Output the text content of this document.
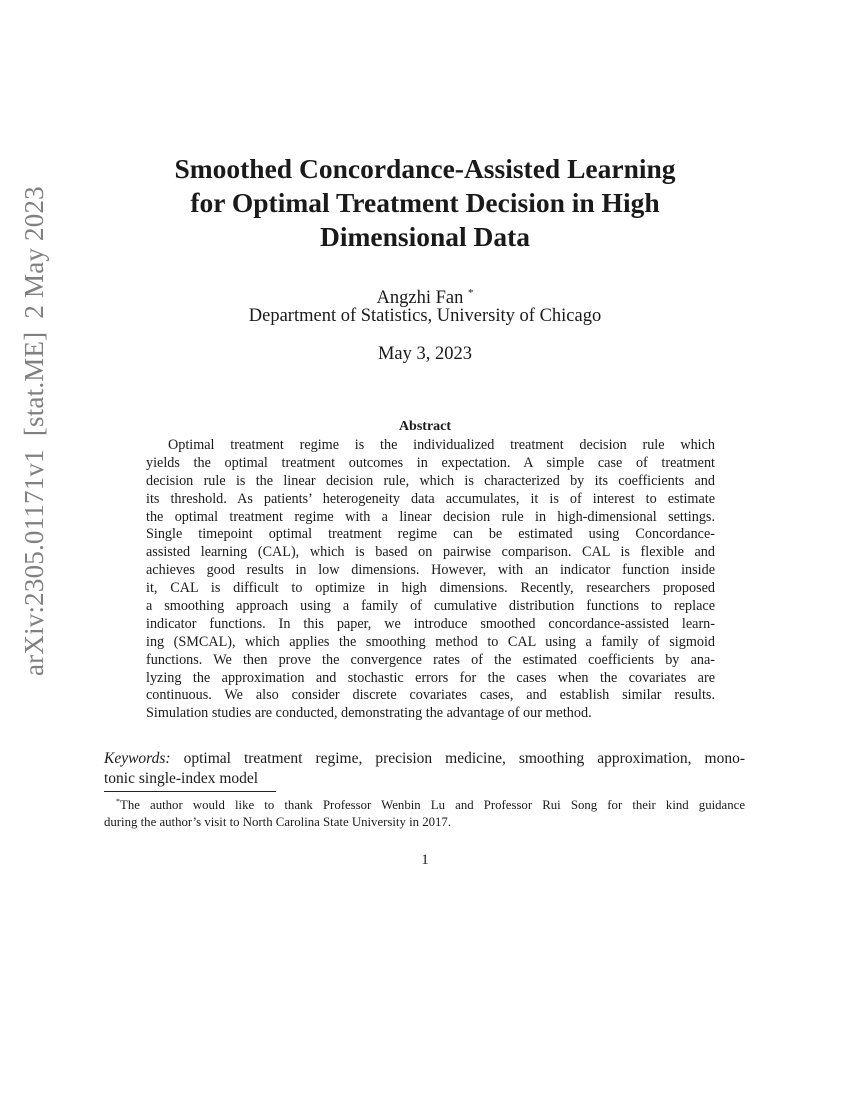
arXiv:2305.01171v1[stat.ME]2 May 2023
Smoothed Concordance-Assisted Learning
for Optimal Treatment Decision in High
Dimensional Data
Angzhi Fan *
Department of Statistics, University of Chicago
May 3, 2023
Abstract
Optimal treatment regime is the individualized treatment decision rule which
yields the optimal treatment outcomes in expectation. A simple case of treatment
decision rule is the linear decision rule, which is characterized by its coefficients and
its threshold. As patients’ heterogeneity data accumulates, it is of interest to estimate
the optimal treatment regime with a linear decision rule in high-dimensional settings.
Single timepoint optimal treatment regime can be estimated using Concordance-
assisted learning (CAL), which is based on pairwise comparison. CAL is flexible and
achieves good results in low dimensions. However, with an indicator function inside
it, CAL is difficult to optimize in high dimensions. Recently, researchers proposed
a smoothing approach using a family of cumulative distribution functions to replace
indicator functions. In this paper, we introduce smoothed concordance-assisted learn-
ing (SMCAL), which applies the smoothing method to CAL using a family of sigmoid
functions. We then prove the convergence rates of the estimated coefficients by ana-
lyzing the approximation and stochastic errors for the cases when the covariates are
continuous. We also consider discrete covariates cases, and establish similar results.
Simulation studies are conducted, demonstrating the advantage of our method.
Keywords: optimal treatment regime, precision medicine, smoothing approximation, mono-
tonic single-index model
*The author would like to thank Professor Wenbin Lu and Professor Rui Song for their kind guidance
during the author’s visit to North Carolina State University in 2017.
1
